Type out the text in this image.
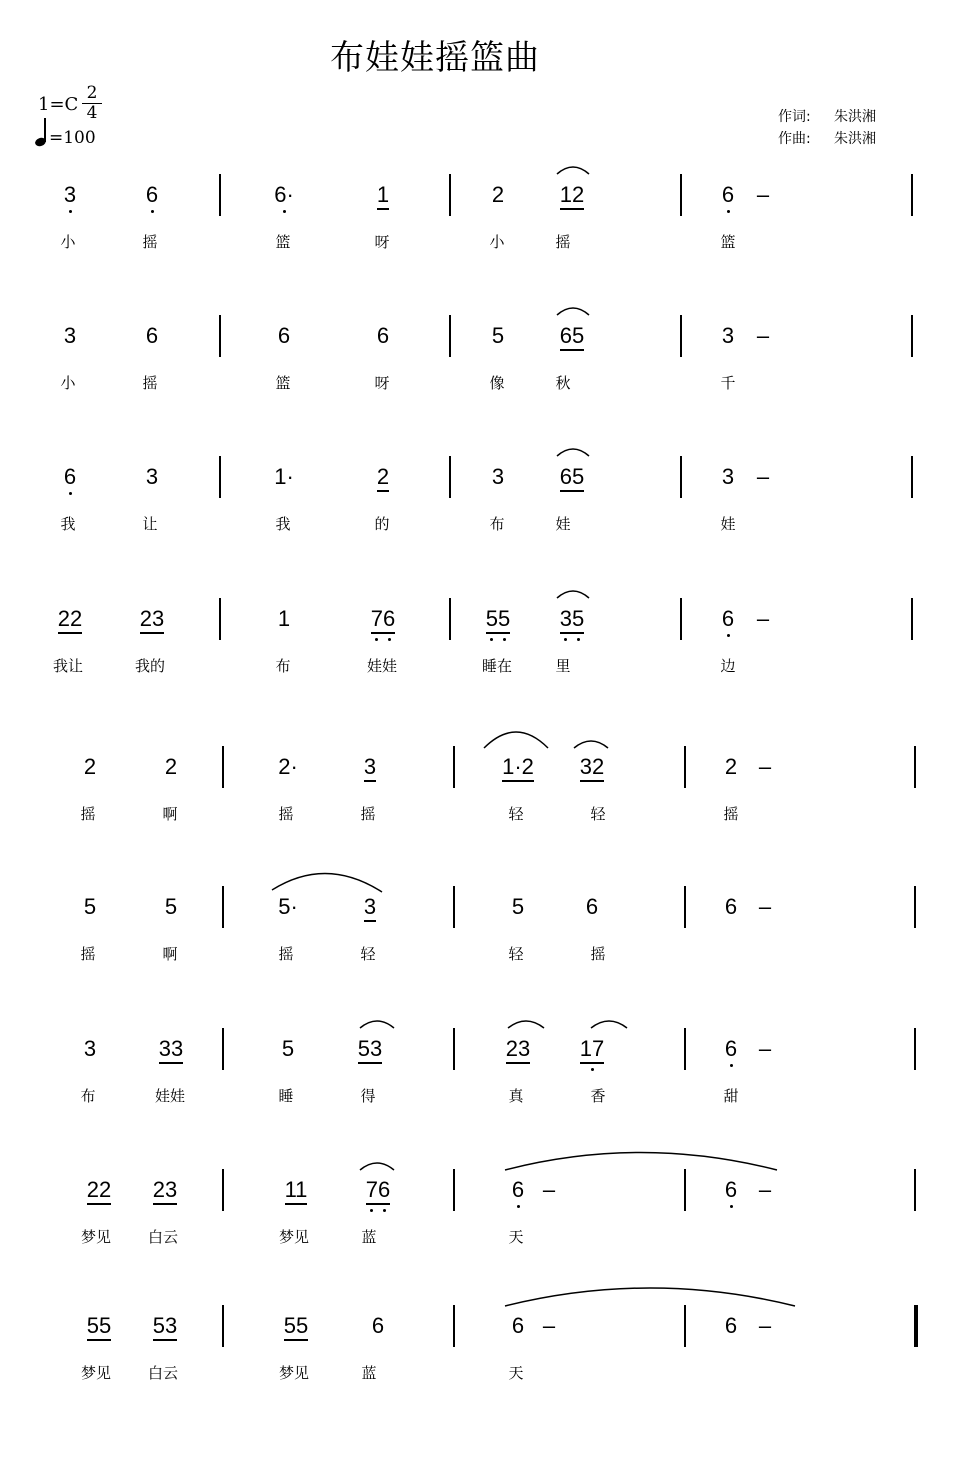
布娃娃摇篮曲
$1=C \frac{2}{4}$
=100
作词: 朱洪湘
作曲: 朱洪湘
3	6	6·	1	2	12	6 –
小	摇	篮	呀	小	摇	篮
3	6	6	6	5	65	3 –
小	摇	篮	呀	像	秋	千
6	3	1·	2	3	65	3 –
我	让	我	的	布	娃	娃
22	23	1	76	55 35	6 –
我让	我的	布	娃娃	睡在	里	边
2	2	2·	3	1·2 32	2 –
摇	啊	摇	摇	轻	轻	摇
5	5	5·	3	5	6	6 –
摇	啊	摇	轻	轻	摇
3	33	5	53	23 17	6 –
布	娃娃	睡	得	真	香	甜
22 23	11	76	6 –	6 –
梦见 白云	梦见	蓝	天
55 53	55	6	6 –	6 –
梦见 白云	梦见	蓝	天
